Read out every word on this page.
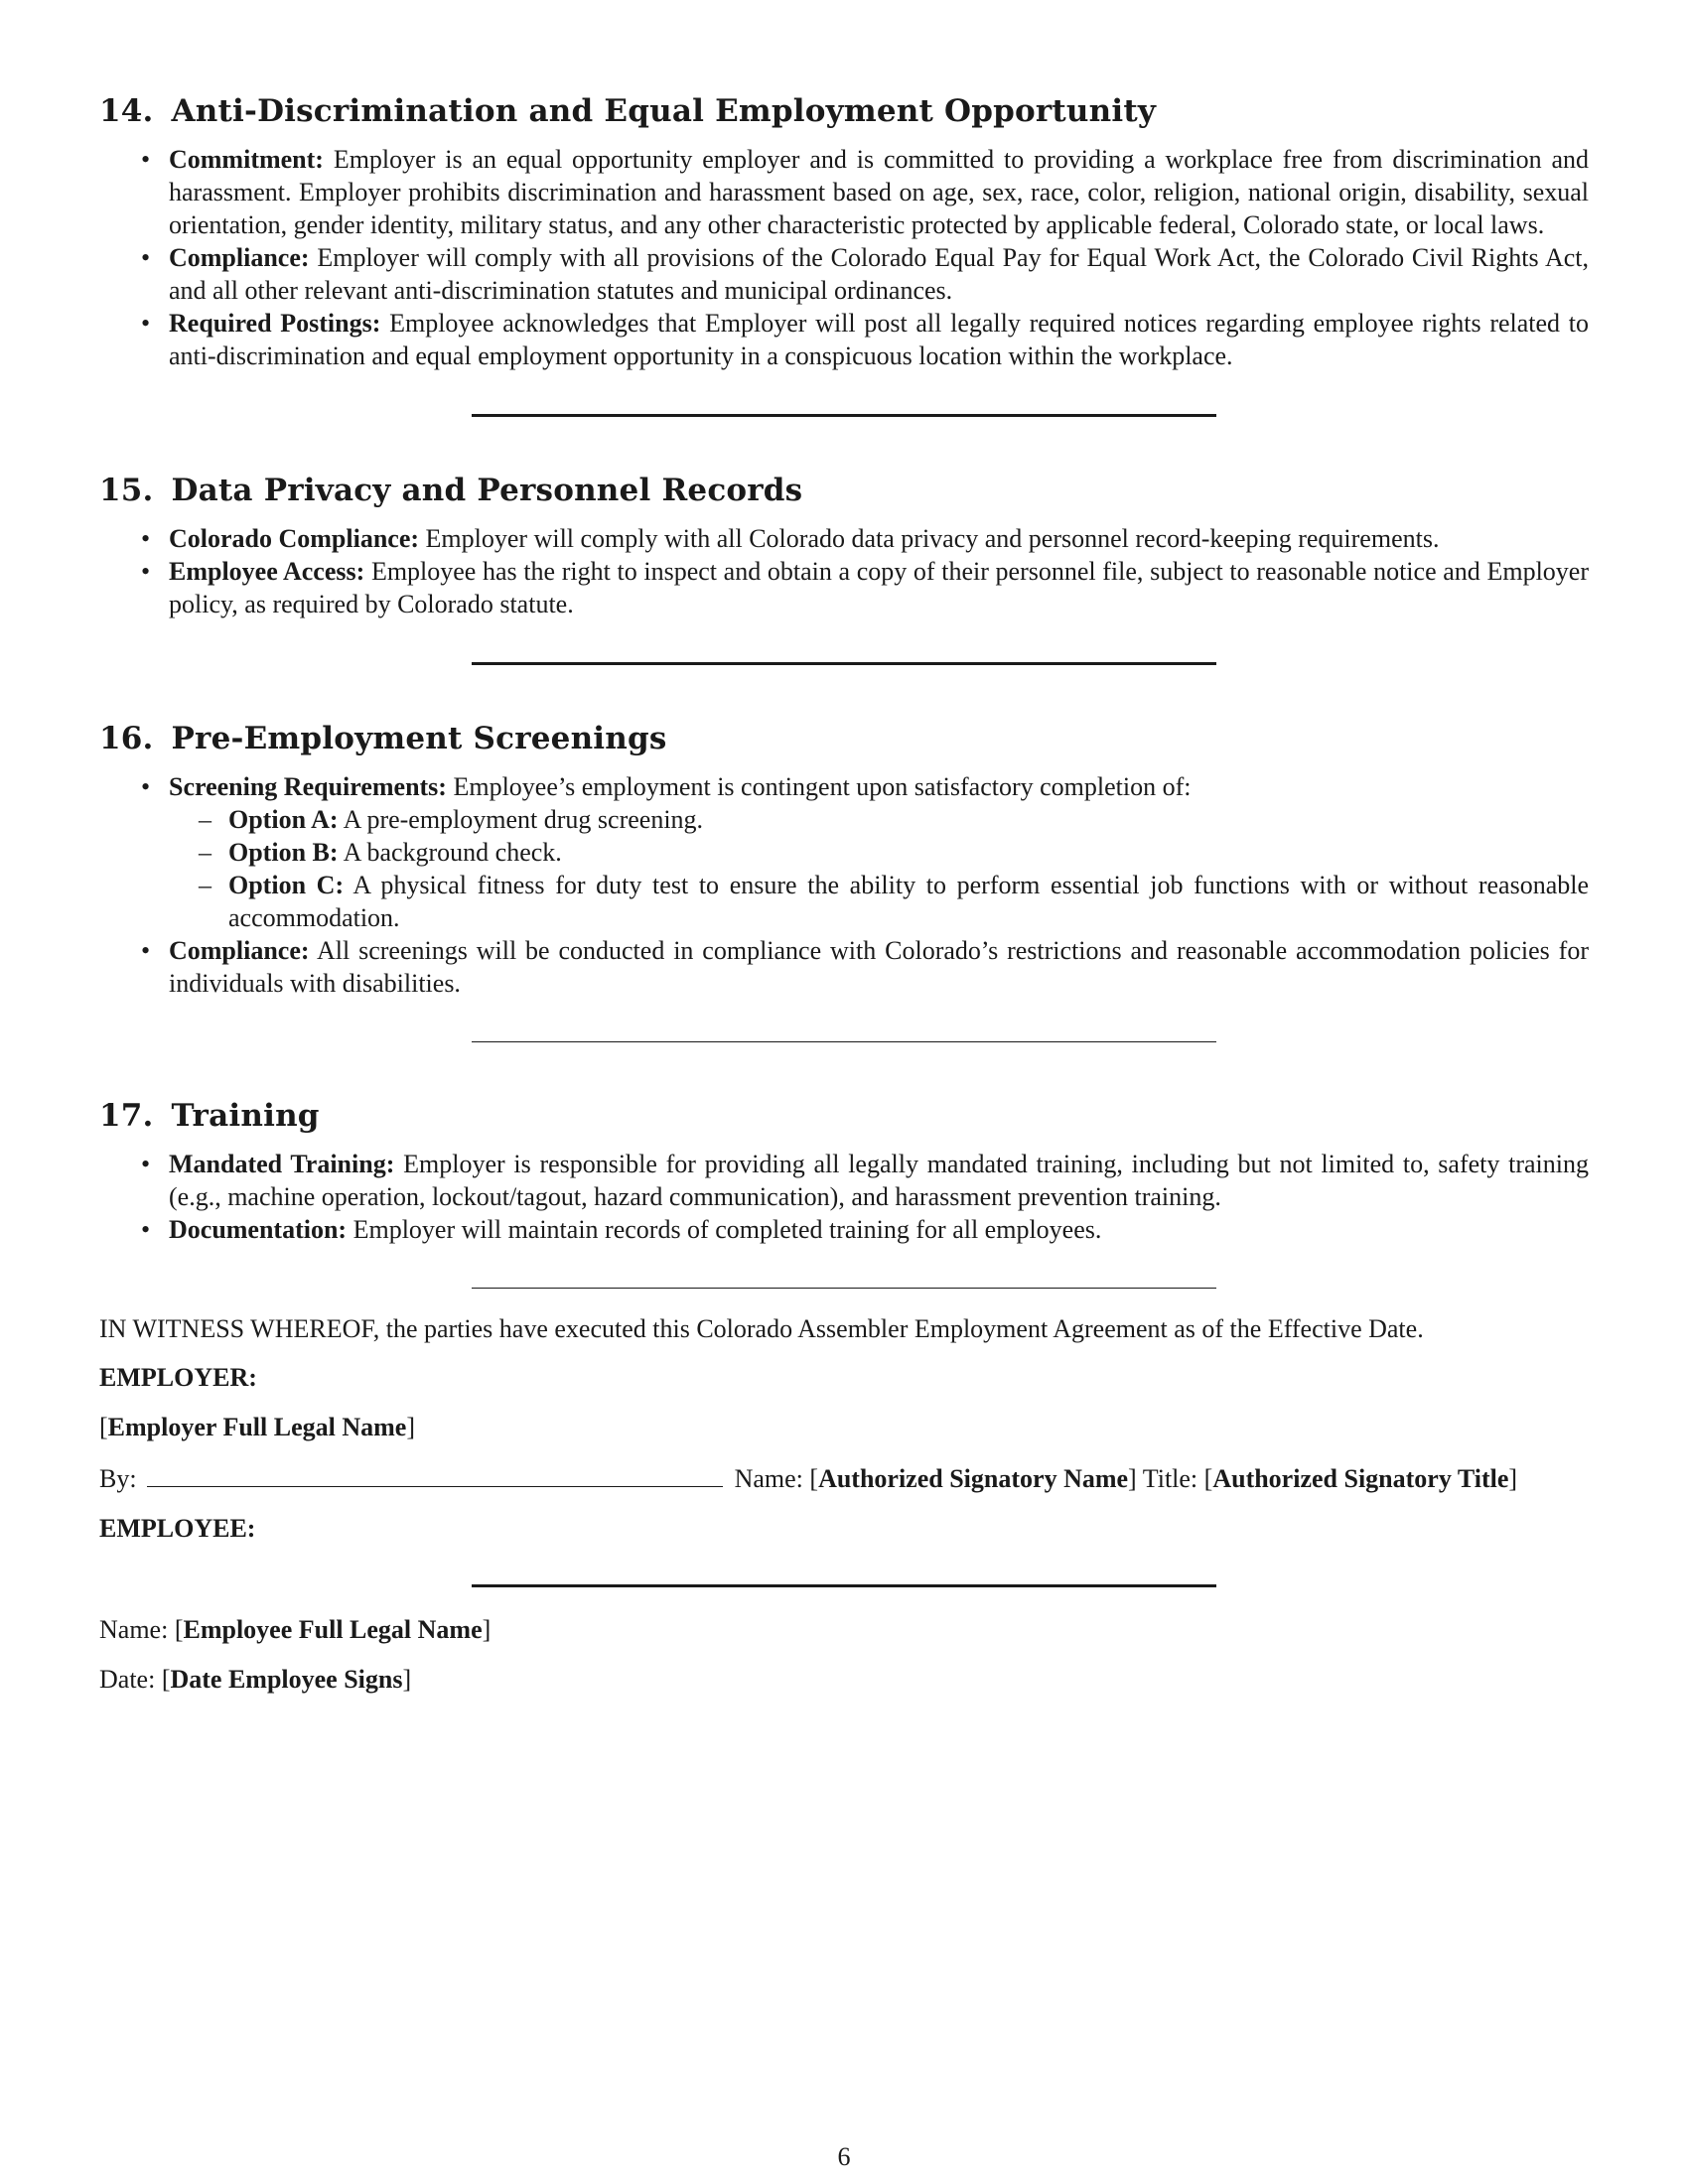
14. Anti-Discrimination and Equal Employment Opportunity
• Commitment: Employer is an equal opportunity employer and is committed to providing a workplace free from discrimination and harassment. Employer prohibits discrimination and harassment based on age, sex, race, color, religion, national origin, disability, sexual orientation, gender identity, military status, and any other characteristic protected by applicable federal, Colorado state, or local laws.
• Compliance: Employer will comply with all provisions of the Colorado Equal Pay for Equal Work Act, the Colorado Civil Rights Act, and all other relevant anti-discrimination statutes and municipal ordinances.
• Required Postings: Employee acknowledges that Employer will post all legally required notices regarding employee rights related to anti-discrimination and equal employment opportunity in a conspicuous location within the workplace.
15. Data Privacy and Personnel Records
• Colorado Compliance: Employer will comply with all Colorado data privacy and personnel record-keeping requirements.
• Employee Access: Employee has the right to inspect and obtain a copy of their personnel file, subject to reasonable notice and Employer policy, as required by Colorado statute.
16. Pre-Employment Screenings
• Screening Requirements: Employee’s employment is contingent upon satisfactory completion of:
– Option A: A pre-employment drug screening.
– Option B: A background check.
– Option C: A physical fitness for duty test to ensure the ability to perform essential job functions with or without reasonable accommodation.
• Compliance: All screenings will be conducted in compliance with Colorado’s restrictions and reasonable accommodation policies for individuals with disabilities.
17. Training
• Mandated Training: Employer is responsible for providing all legally mandated training, including but not limited to, safety training (e.g., machine operation, lockout/tagout, hazard communication), and harassment prevention training.
• Documentation: Employer will maintain records of completed training for all employees.

IN WITNESS WHEREOF, the parties have executed this Colorado Assembler Employment Agreement as of the Effective Date.

EMPLOYER:

[Employer Full Legal Name]

By:	Name: [Authorized Signatory Name] Title: [Authorized Signatory Title]

EMPLOYEE:

Name: [Employee Full Legal Name]

Date: [Date Employee Signs]

6
